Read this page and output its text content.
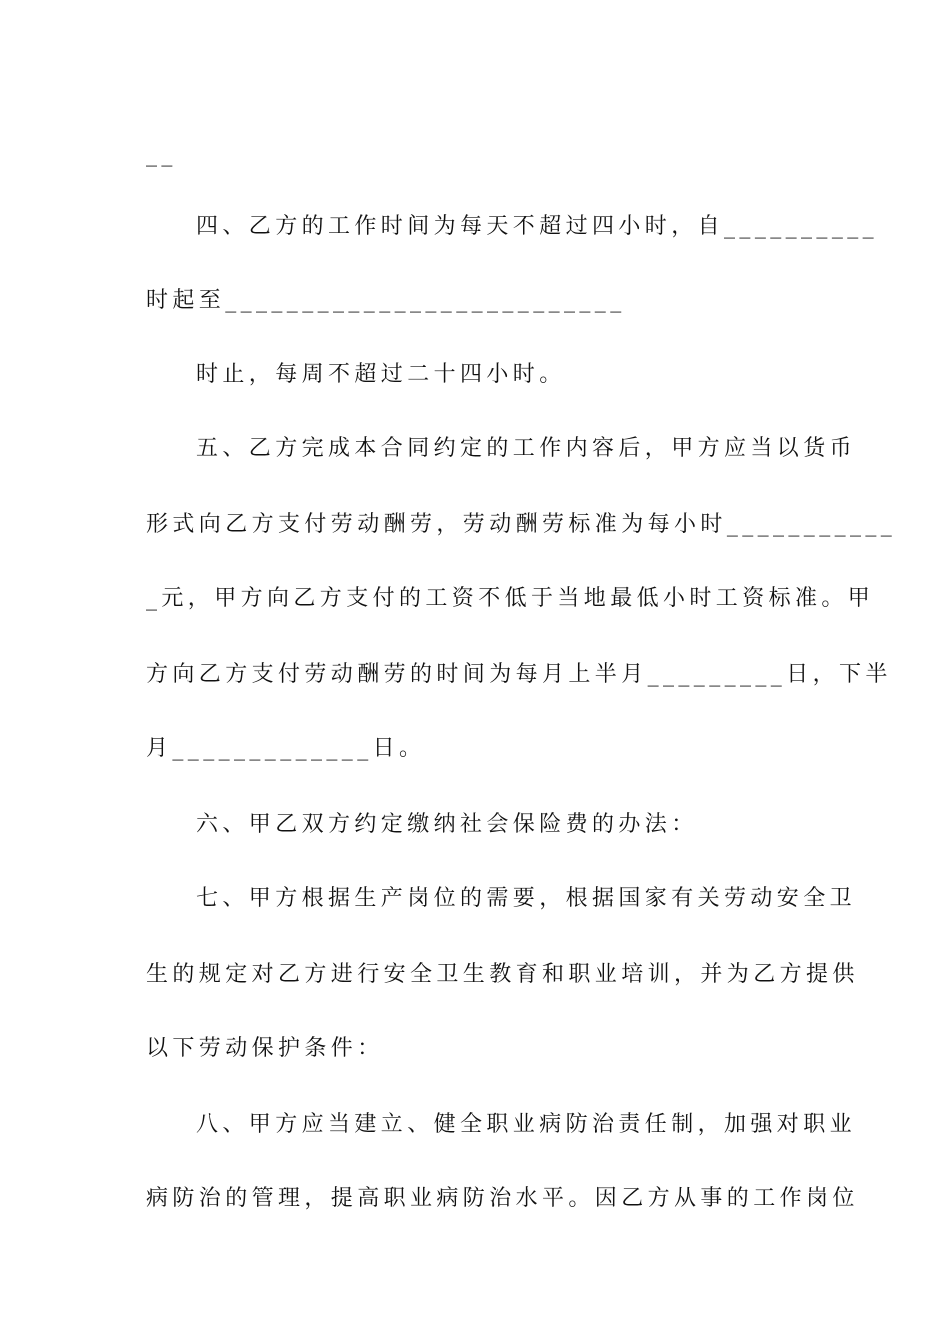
__
四、乙方的工作时间为每天不超过四小时，自__________
时起至__________________________
时止，每周不超过二十四小时。
五、乙方完成本合同约定的工作内容后，甲方应当以货币
形式向乙方支付劳动酬劳，劳动酬劳标准为每小时___________
_元，甲方向乙方支付的工资不低于当地最低小时工资标准。甲
方向乙方支付劳动酬劳的时间为每月上半月_________日，下半
月_____________日。
六、甲乙双方约定缴纳社会保险费的办法：
七、甲方根据生产岗位的需要，根据国家有关劳动安全卫
生的规定对乙方进行安全卫生教育和职业培训，并为乙方提供
以下劳动保护条件：
八、甲方应当建立、健全职业病防治责任制，加强对职业
病防治的管理，提高职业病防治水平。因乙方从事的工作岗位
